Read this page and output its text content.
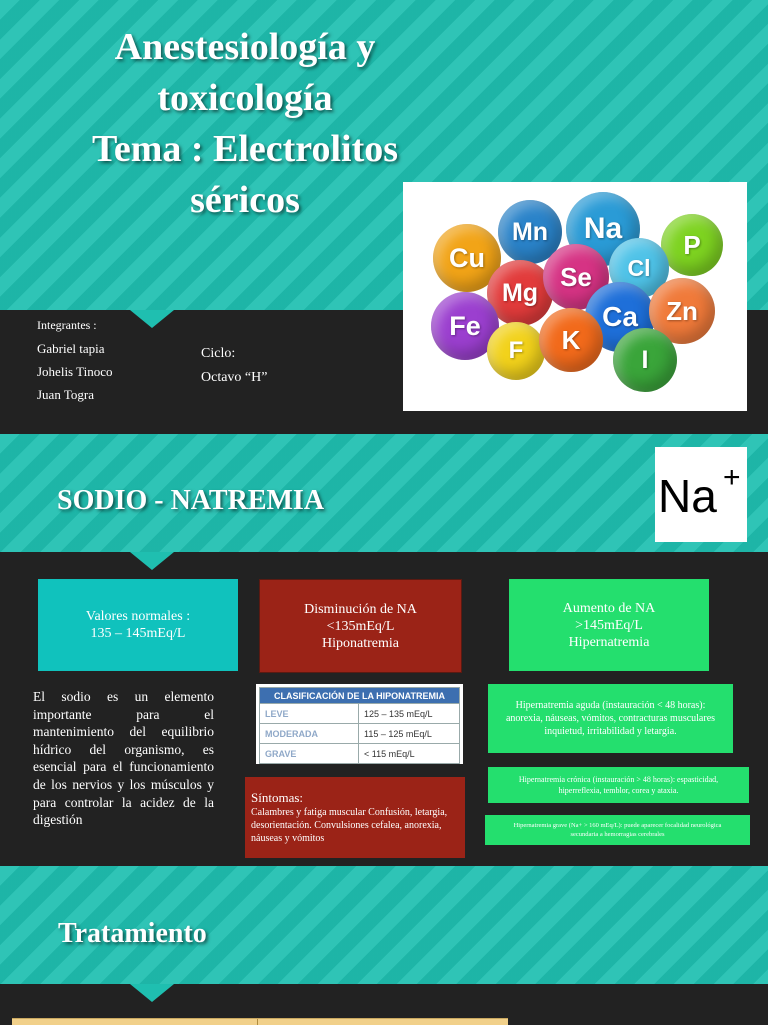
Anestesiología y
toxicología
Tema : Electrolitos
séricos
Cu
Mn Na P
Mg
Se Cl
Fe	Ca Zn
F K
I
Integrantes :
Gabriel tapia
Johelis Tinoco
Juan Togra
Ciclo:
Octavo “H”
SODIO - NATREMIA	Na +
Valores normales :
135 – 145mEq/L
Disminución de NA
<135mEq/L
Hiponatremia
Aumento de NA
>145mEq/L
Hipernatremia
El sodio es un elemento importante para el mantenimiento del equilibrio hídrico del organismo, es esencial para el funcionamiento de los nervios y los músculos y para controlar la acidez de la digestión
CLASIFICACIÓN DE LA HIPONATREMIA	
LEVE	125 – 135 mEq/L
MODERADA	115 – 125 mEq/L
GRAVE	< 115 mEq/L
Síntomas:
Calambres y fatiga muscular Confusión, letargia, desorientación. Convulsiones cefalea, anorexia, náuseas y vómitos
Hipernatremia aguda (instauración < 48 horas): anorexia, náuseas, vómitos, contracturas musculares inquietud, irritabilidad y letargia.
Hipernatremia crónica (instauración > 48 horas): espasticidad, hiperreflexia, temblor, corea y ataxia.
Hipernatremia grave (Na+ > 160 mEq/L): puede aparecer focalidad neurológica secundaria a hemorragias cerebrales
Tratamiento
